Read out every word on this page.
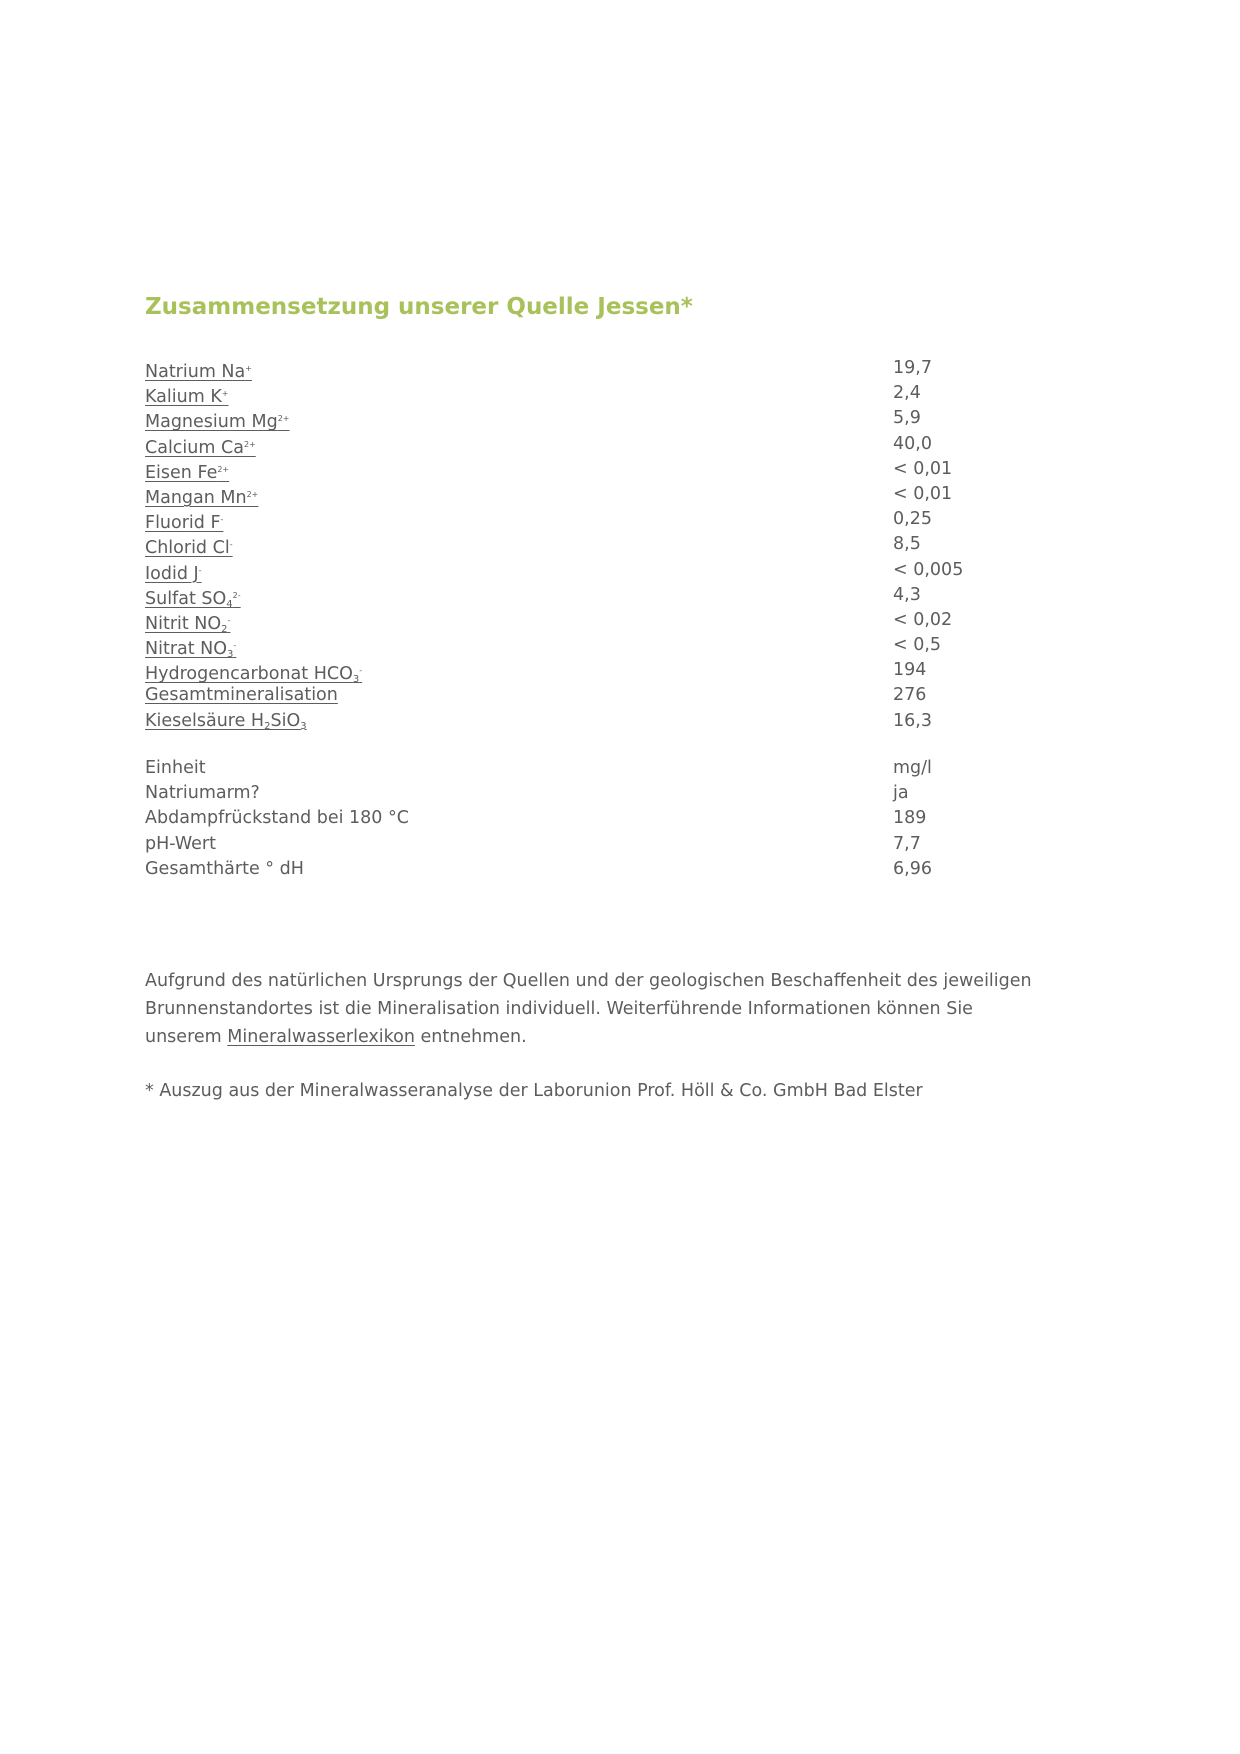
Zusammensetzung unserer Quelle Jessen*
Natrium Na+	19,7
Kalium K+	2,4
Magnesium $Mg^{2+}$	5,9
Calcium $Ca^{2+}$	40,0
Eisen $Fe^{2+}$	< 0,01
Mangan $Mn^{2+}$	< 0,01
Fluorid F-	0,25
Chlorid Cl-	8,5
Iodid J-	< 0,005
Sulfat $SO_4^{2-}$	4,3
Nitrit $NO_2^-$	< 0,02
Nitrat $NO_3^-$	< 0,5
Hydrogencarbonat $HCO_3^-$	194
Gesamtmineralisation	276
Kieselsäure $H_2SiO_3$	16,3
Einheit	mg/l
Natriumarm?	ja
Abdampfrückstand bei 180 °C	189
pH-Wert	7,7
Gesamthärte ° dH	6,96
Aufgrund des natürlichen Ursprungs der Quellen und der geologischen Beschaffenheit des jeweiligen Brunnenstandortes ist die Mineralisation individuell. Weiterführende Informationen können Sie unserem Mineralwasserlexikon entnehmen.
* Auszug aus der Mineralwasseranalyse der Laborunion Prof. Höll & Co. GmbH Bad Elster
